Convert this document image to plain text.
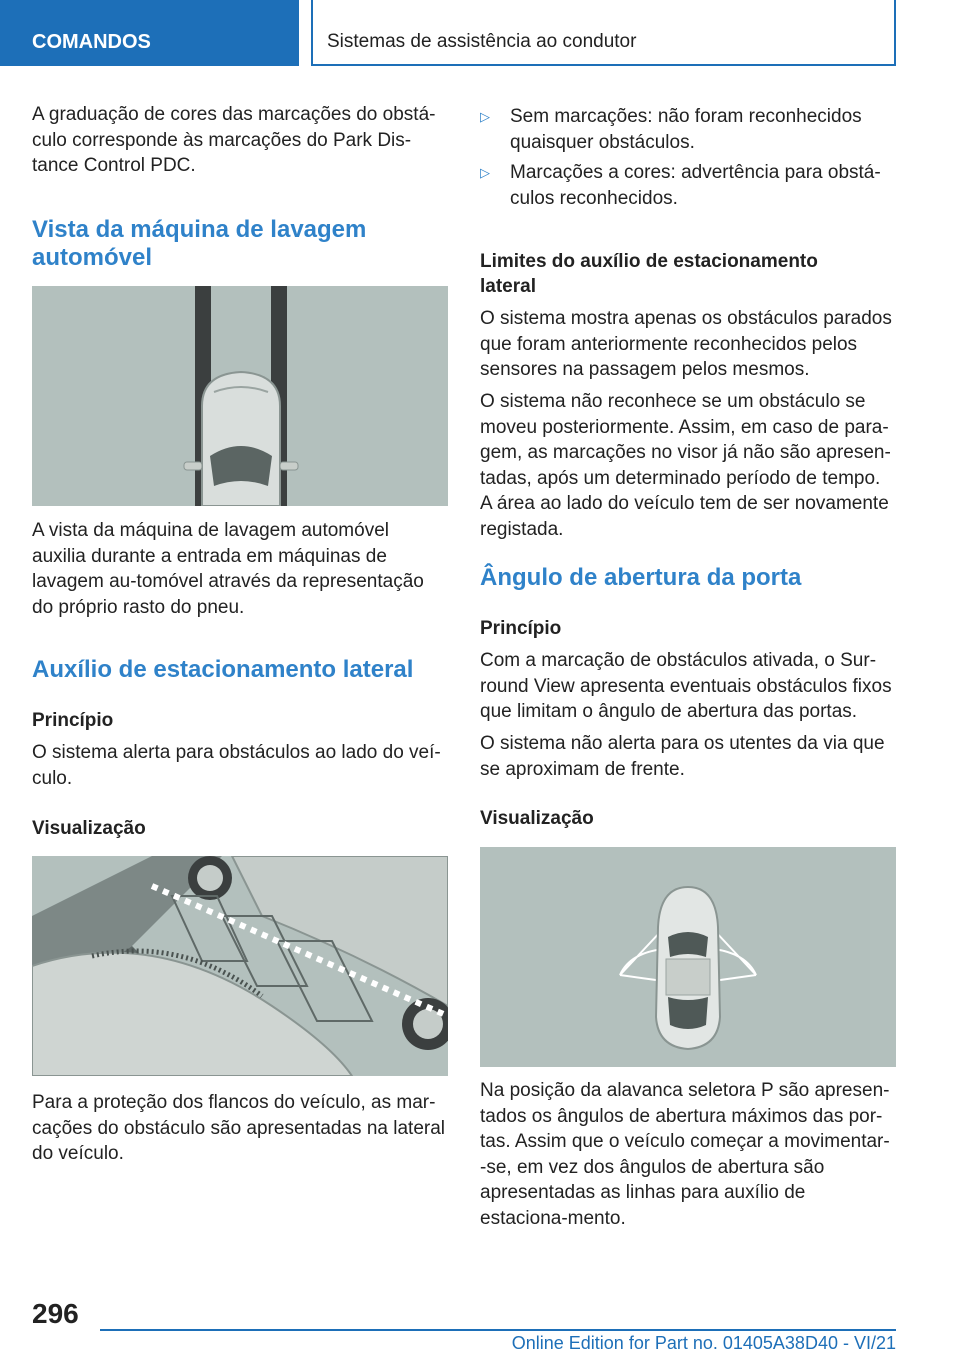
COMANDOS	Sistemas de assistência ao condutor

A graduação de cores das marcações do obstá-culo corresponde às marcações do Park Dis-tance Control PDC.

Vista da máquina de lavagem automóvel

A vista da máquina de lavagem automóvel auxilia durante a entrada em máquinas de lavagem au-tomóvel através da representação do próprio rasto do pneu.

Auxílio de estacionamento lateral
Princípio

O sistema alerta para obstáculos ao lado do veí-culo.

Visualização

Para a proteção dos flancos do veículo, as mar-cações do obstáculo são apresentadas na lateral do veículo.

▷ Sem marcações: não foram reconhecidos quaisquer obstáculos.
▷ Marcações a cores: advertência para obstá-culos reconhecidos.
Limites do auxílio de estacionamento lateral

O sistema mostra apenas os obstáculos parados que foram anteriormente reconhecidos pelos sensores na passagem pelos mesmos.

O sistema não reconhece se um obstáculo se moveu posteriormente. Assim, em caso de para-gem, as marcações no visor já não são apresen-tadas, após um determinado período de tempo. A área ao lado do veículo tem de ser novamente registada.

Ângulo de abertura da porta
Princípio

Com a marcação de obstáculos ativada, o Sur-round View apresenta eventuais obstáculos fixos que limitam o ângulo de abertura das portas.

O sistema não alerta para os utentes da via que se aproximam de frente.

Visualização

Na posição da alavanca seletora P são apresen-tados os ângulos de abertura máximos das por-tas. Assim que o veículo começar a movimentar--se, em vez dos ângulos de abertura são apresentadas as linhas para auxílio de estaciona-mento.

296
Online Edition for Part no. 01405A38D40 - VI/21
